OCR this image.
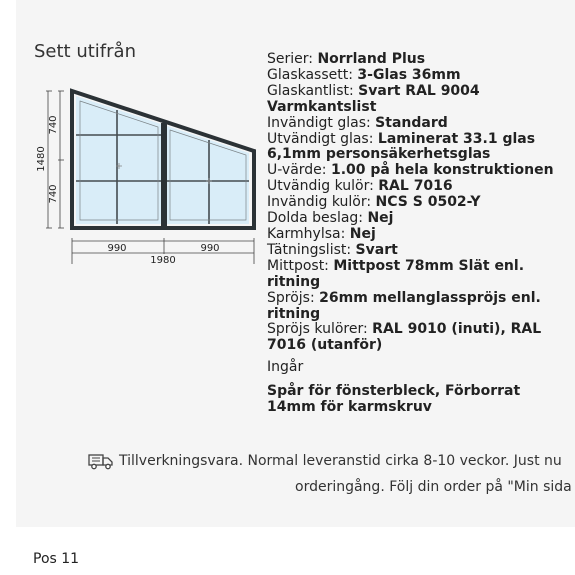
Sett utifrån
740
1480
740
990	990
1980
Serier: Norrland Plus
Glaskassett: 3-Glas 36mm
Glaskantlist: Svart RAL 9004 Varmkantslist
Invändigt glas: Standard
Utvändigt glas: Laminerat 33.1 glas 6,1mm personsäkerhetsglas
U-värde: 1.00 på hela konstruktionen
Utvändig kulör: RAL 7016
Invändig kulör: NCS S 0502-Y
Dolda beslag: Nej
Karmhylsa: Nej
Tätningslist: Svart
Mittpost: Mittpost 78mm Slät enl. ritning
Spröjs: 26mm mellanglasspröjs enl. ritning
Spröjs kulörer: RAL 9010 (inuti), RAL 7016 (utanför)
Ingår
Spår för fönsterbleck, Förborrat 14mm för karmskruv
Tillverkningsvara. Normal leveranstid cirka 8-10 veckor. Just nu
orderingång. Följ din order på "Min sida
Pos 11
